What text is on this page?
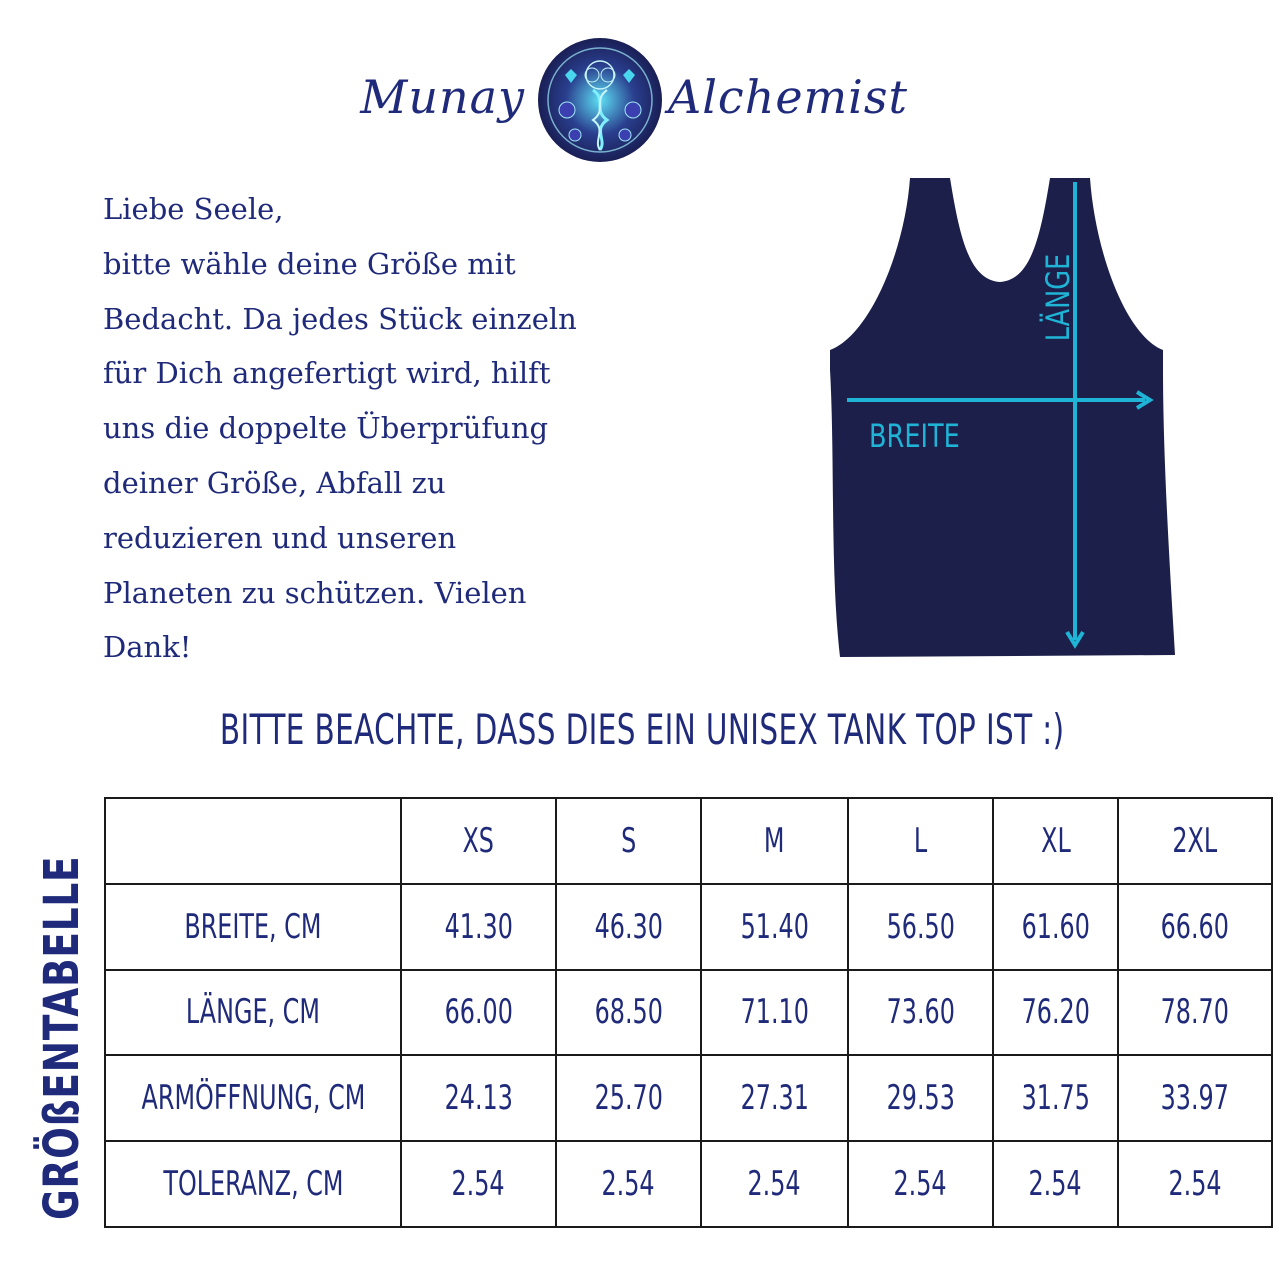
Munay	Alchemist
Liebe Seele,
bitte wähle deine Größe mit
Bedacht. Da jedes Stück einzeln
für Dich angefertigt wird, hilft
uns die doppelte Überprüfung
deiner Größe, Abfall zu
reduzieren und unseren
Planeten zu schützen. Vielen
Dank!
BREITE
LÄNGE
BITTE BEACHTE, DASS DIES EIN UNISEX TANK TOP IST :)
GRÖßENTABELLE
	XS	S	M	L	XL	2XL
BREITE, CM	41.30	46.30	51.40	56.50	61.60	66.60
LÄNGE, CM	66.00	68.50	71.10	73.60	76.20	78.70
ARMÖFFNUNG, CM	24.13	25.70	27.31	29.53	31.75	33.97
TOLERANZ, CM	2.54	2.54	2.54	2.54	2.54	2.54
